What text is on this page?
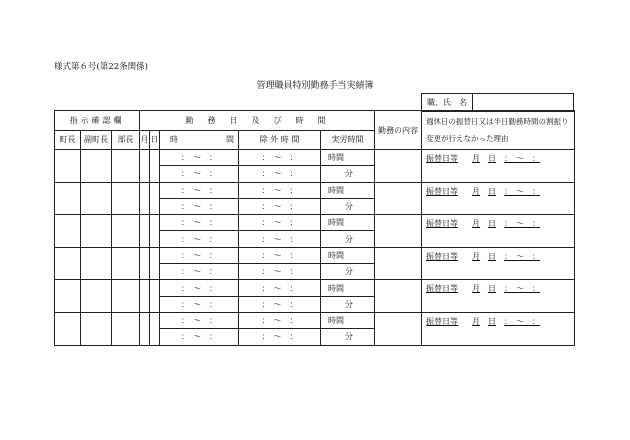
様式第６号(第22条関係)
管理職員特別勤務手当実績簿
職、氏　名	
指示確認欄			勤　務　日　及　び　時　間					勤務の内容	週休日の振替日又は半日勤務時間の割振り変更が行えなかった理由
町長	副町長	部長	月	日	時 間	除 外 時 間	実労時間		
					：　～　：	：　～　：	時間		振替日等 月 日 ：　～　：

					：　～　：	：　～　：	分		
					：　～　：	：　～　：	時間		振替日等 月 日 ：　～　：

					：　～　：	：　～　：	分		
					：　～　：	：　～　：	時間		振替日等 月 日 ：　～　：

					：　～　：	：　～　：	分		
					：　～　：	：　～　：	時間		振替日等 月 日 ：　～　：

					：　～　：	：　～　：	分		
					：　～　：	：　～　：	時間		振替日等 月 日 ：　～　：

					：　～　：	：　～　：	分		
					：　～　：	：　～　：	時間		振替日等 月 日 ：　～　：

					：　～　：	：　～　：	分		
